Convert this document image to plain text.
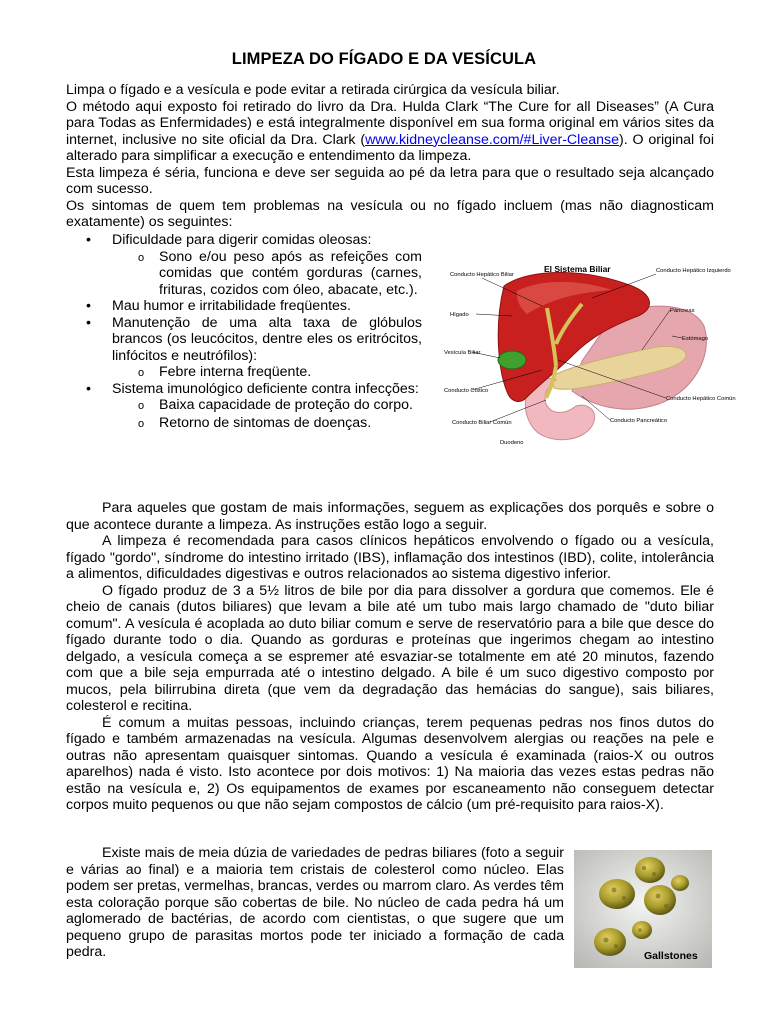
LIMPEZA DO FÍGADO E DA VESÍCULA

Limpa o fígado e a vesícula e pode evitar a retirada cirúrgica da vesícula biliar.

O método aqui exposto foi retirado do livro da Dra. Hulda Clark “The Cure for all Diseases” (A Cura para Todas as Enfermidades) e está integralmente disponível em sua forma original em vários sites da internet, inclusive no site oficial da Dra. Clark (www.kidneycleanse.com/#Liver-Cleanse). O original foi alterado para simplificar a execução e entendimento da limpeza.

Esta limpeza é séria, funciona e deve ser seguida ao pé da letra para que o resultado seja alcançado com sucesso.

Os sintomas de quem tem problemas na vesícula ou no fígado incluem (mas não diagnosticam exatamente) os seguintes:

• Dificuldade para digerir comidas oleosas:
o Sono e/ou peso após as refeições com comidas que contém gorduras (carnes, frituras, cozidos com óleo, abacate, etc.).
• Mau humor e irritabilidade freqüentes.
• Manutenção de uma alta taxa de glóbulos brancos (os leucócitos, dentre eles os eritrócitos, linfócitos e neutrófilos):
o Febre interna freqüente.
• Sistema imunológico deficiente contra infecções:
o Baixa capacidade de proteção do corpo.
o Retorno de sintomas de doenças.
El Sistema Biliar
Conducto Hepático Biliar
Conducto Hepático Izquierdo
Hígado
Páncreas
Estómago
Vesícula Biliar
Conducto Cístico
Conducto Hepático Común
Conducto Biliar Común	Conducto Pancreático
Duodeno

Para aqueles que gostam de mais informações, seguem as explicações dos porquês e sobre o que acontece durante a limpeza. As instruções estão logo a seguir.

A limpeza é recomendada para casos clínicos hepáticos envolvendo o fígado ou a vesícula, fígado "gordo", síndrome do intestino irritado (IBS), inflamação dos intestinos (IBD), colite, intolerância a alimentos, dificuldades digestivas e outros relacionados ao sistema digestivo inferior.

O fígado produz de 3 a 5½ litros de bile por dia para dissolver a gordura que comemos. Ele é cheio de canais (dutos biliares) que levam a bile até um tubo mais largo chamado de "duto biliar comum". A vesícula é acoplada ao duto biliar comum e serve de reservatório para a bile que desce do fígado durante todo o dia. Quando as gorduras e proteínas que ingerimos chegam ao intestino delgado, a vesícula começa a se espremer até esvaziar-se totalmente em até 20 minutos, fazendo com que a bile seja empurrada até o intestino delgado. A bile é um suco digestivo composto por mucos, pela bilirrubina direta (que vem da degradação das hemácias do sangue), sais biliares, colesterol e recitina.

É comum a muitas pessoas, incluindo crianças, terem pequenas pedras nos finos dutos do fígado e também armazenadas na vesícula. Algumas desenvolvem alergias ou reações na pele e outras não apresentam quaisquer sintomas. Quando a vesícula é examinada (raios-X ou outros aparelhos) nada é visto. Isto acontece por dois motivos: 1) Na maioria das vezes estas pedras não estão na vesícula e, 2) Os equipamentos de exames por escaneamento não conseguem detectar corpos muito pequenos ou que não sejam compostos de cálcio (um pré-requisito para raios-X).

Existe mais de meia dúzia de variedades de pedras biliares (foto a seguir e várias ao final) e a maioria tem cristais de colesterol como núcleo. Elas podem ser pretas, vermelhas, brancas, verdes ou marrom claro. As verdes têm esta coloração porque são cobertas de bile. No núcleo de cada pedra há um aglomerado de bactérias, de acordo com cientistas, o que sugere que um pequeno grupo de parasitas mortos pode ter iniciado a formação de cada pedra.	Gallstones
